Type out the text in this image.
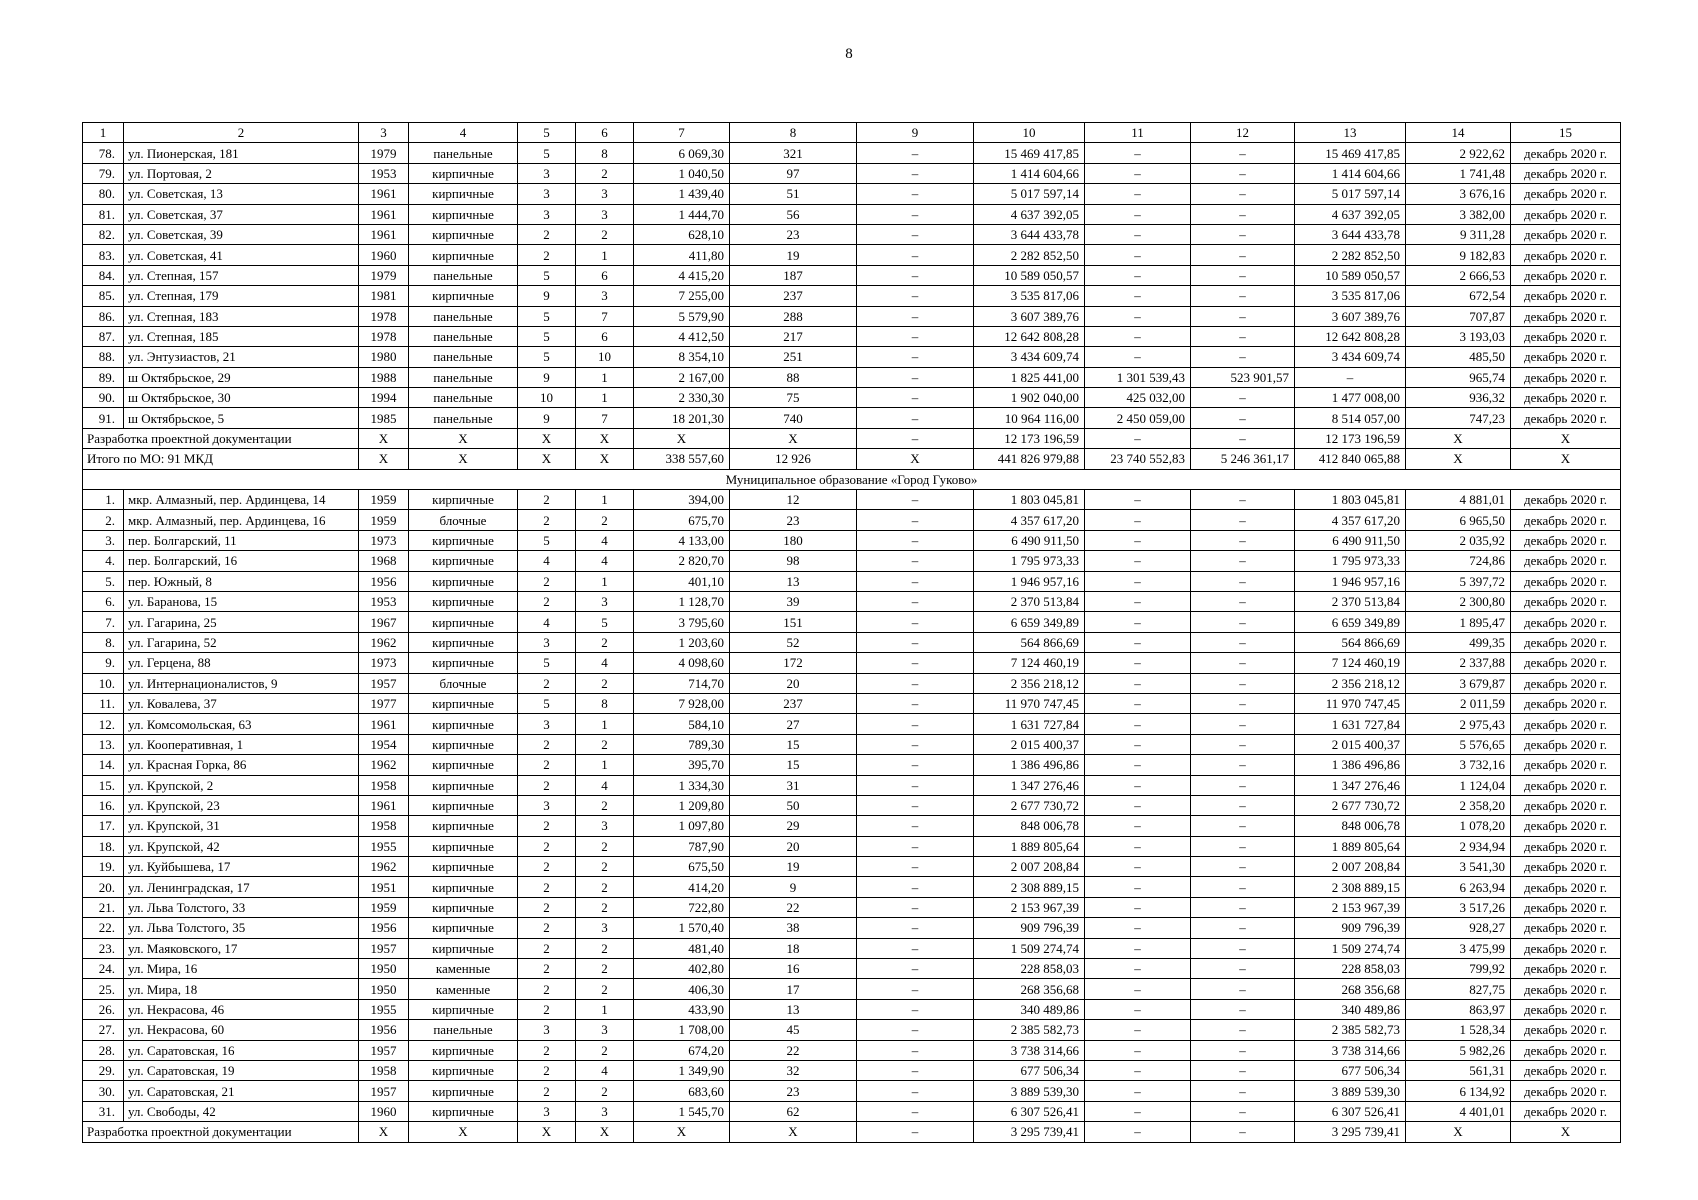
8
1	2	3	4	5	6	7	8	9	10	11	12	13	14	15
78.	ул. Пионерская, 181	1979	панельные	5	8	6 069,30	321	–	15 469 417,85	–	–	15 469 417,85	2 922,62	декабрь 2020 г.
79.	ул. Портовая, 2	1953	кирпичные	3	2	1 040,50	97	–	1 414 604,66	–	–	1 414 604,66	1 741,48	декабрь 2020 г.
80.	ул. Советская, 13	1961	кирпичные	3	3	1 439,40	51	–	5 017 597,14	–	–	5 017 597,14	3 676,16	декабрь 2020 г.
81.	ул. Советская, 37	1961	кирпичные	3	3	1 444,70	56	–	4 637 392,05	–	–	4 637 392,05	3 382,00	декабрь 2020 г.
82.	ул. Советская, 39	1961	кирпичные	2	2	628,10	23	–	3 644 433,78	–	–	3 644 433,78	9 311,28	декабрь 2020 г.
83.	ул. Советская, 41	1960	кирпичные	2	1	411,80	19	–	2 282 852,50	–	–	2 282 852,50	9 182,83	декабрь 2020 г.
84.	ул. Степная, 157	1979	панельные	5	6	4 415,20	187	–	10 589 050,57	–	–	10 589 050,57	2 666,53	декабрь 2020 г.
85.	ул. Степная, 179	1981	кирпичные	9	3	7 255,00	237	–	3 535 817,06	–	–	3 535 817,06	672,54	декабрь 2020 г.
86.	ул. Степная, 183	1978	панельные	5	7	5 579,90	288	–	3 607 389,76	–	–	3 607 389,76	707,87	декабрь 2020 г.
87.	ул. Степная, 185	1978	панельные	5	6	4 412,50	217	–	12 642 808,28	–	–	12 642 808,28	3 193,03	декабрь 2020 г.
88.	ул. Энтузиастов, 21	1980	панельные	5	10	8 354,10	251	–	3 434 609,74	–	–	3 434 609,74	485,50	декабрь 2020 г.
89.	ш Октябрьское, 29	1988	панельные	9	1	2 167,00	88	–	1 825 441,00	1 301 539,43	523 901,57	–	965,74	декабрь 2020 г.
90.	ш Октябрьское, 30	1994	панельные	10	1	2 330,30	75	–	1 902 040,00	425 032,00	–	1 477 008,00	936,32	декабрь 2020 г.
91.	ш Октябрьское, 5	1985	панельные	9	7	18 201,30	740	–	10 964 116,00	2 450 059,00	–	8 514 057,00	747,23	декабрь 2020 г.
Разработка проектной документации		X	X	X	X	X	X	–	12 173 196,59	–	–	12 173 196,59	X	X
Итого по МО: 91 МКД		X	X	X	X	338 557,60	12 926	X	441 826 979,88	23 740 552,83	5 246 361,17	412 840 065,88	X	X
Муниципальное образование «Город Гуково»														
1.	мкр. Алмазный, пер. Ардинцева, 14	1959	кирпичные	2	1	394,00	12	–	1 803 045,81	–	–	1 803 045,81	4 881,01	декабрь 2020 г.
2.	мкр. Алмазный, пер. Ардинцева, 16	1959	блочные	2	2	675,70	23	–	4 357 617,20	–	–	4 357 617,20	6 965,50	декабрь 2020 г.
3.	пер. Болгарский, 11	1973	кирпичные	5	4	4 133,00	180	–	6 490 911,50	–	–	6 490 911,50	2 035,92	декабрь 2020 г.
4.	пер. Болгарский, 16	1968	кирпичные	4	4	2 820,70	98	–	1 795 973,33	–	–	1 795 973,33	724,86	декабрь 2020 г.
5.	пер. Южный, 8	1956	кирпичные	2	1	401,10	13	–	1 946 957,16	–	–	1 946 957,16	5 397,72	декабрь 2020 г.
6.	ул. Баранова, 15	1953	кирпичные	2	3	1 128,70	39	–	2 370 513,84	–	–	2 370 513,84	2 300,80	декабрь 2020 г.
7.	ул. Гагарина, 25	1967	кирпичные	4	5	3 795,60	151	–	6 659 349,89	–	–	6 659 349,89	1 895,47	декабрь 2020 г.
8.	ул. Гагарина, 52	1962	кирпичные	3	2	1 203,60	52	–	564 866,69	–	–	564 866,69	499,35	декабрь 2020 г.
9.	ул. Герцена, 88	1973	кирпичные	5	4	4 098,60	172	–	7 124 460,19	–	–	7 124 460,19	2 337,88	декабрь 2020 г.
10.	ул. Интернационалистов, 9	1957	блочные	2	2	714,70	20	–	2 356 218,12	–	–	2 356 218,12	3 679,87	декабрь 2020 г.
11.	ул. Ковалева, 37	1977	кирпичные	5	8	7 928,00	237	–	11 970 747,45	–	–	11 970 747,45	2 011,59	декабрь 2020 г.
12.	ул. Комсомольская, 63	1961	кирпичные	3	1	584,10	27	–	1 631 727,84	–	–	1 631 727,84	2 975,43	декабрь 2020 г.
13.	ул. Кооперативная, 1	1954	кирпичные	2	2	789,30	15	–	2 015 400,37	–	–	2 015 400,37	5 576,65	декабрь 2020 г.
14.	ул. Красная Горка, 86	1962	кирпичные	2	1	395,70	15	–	1 386 496,86	–	–	1 386 496,86	3 732,16	декабрь 2020 г.
15.	ул. Крупской, 2	1958	кирпичные	2	4	1 334,30	31	–	1 347 276,46	–	–	1 347 276,46	1 124,04	декабрь 2020 г.
16.	ул. Крупской, 23	1961	кирпичные	3	2	1 209,80	50	–	2 677 730,72	–	–	2 677 730,72	2 358,20	декабрь 2020 г.
17.	ул. Крупской, 31	1958	кирпичные	2	3	1 097,80	29	–	848 006,78	–	–	848 006,78	1 078,20	декабрь 2020 г.
18.	ул. Крупской, 42	1955	кирпичные	2	2	787,90	20	–	1 889 805,64	–	–	1 889 805,64	2 934,94	декабрь 2020 г.
19.	ул. Куйбышева, 17	1962	кирпичные	2	2	675,50	19	–	2 007 208,84	–	–	2 007 208,84	3 541,30	декабрь 2020 г.
20.	ул. Ленинградская, 17	1951	кирпичные	2	2	414,20	9	–	2 308 889,15	–	–	2 308 889,15	6 263,94	декабрь 2020 г.
21.	ул. Льва Толстого, 33	1959	кирпичные	2	2	722,80	22	–	2 153 967,39	–	–	2 153 967,39	3 517,26	декабрь 2020 г.
22.	ул. Льва Толстого, 35	1956	кирпичные	2	3	1 570,40	38	–	909 796,39	–	–	909 796,39	928,27	декабрь 2020 г.
23.	ул. Маяковского, 17	1957	кирпичные	2	2	481,40	18	–	1 509 274,74	–	–	1 509 274,74	3 475,99	декабрь 2020 г.
24.	ул. Мира, 16	1950	каменные	2	2	402,80	16	–	228 858,03	–	–	228 858,03	799,92	декабрь 2020 г.
25.	ул. Мира, 18	1950	каменные	2	2	406,30	17	–	268 356,68	–	–	268 356,68	827,75	декабрь 2020 г.
26.	ул. Некрасова, 46	1955	кирпичные	2	1	433,90	13	–	340 489,86	–	–	340 489,86	863,97	декабрь 2020 г.
27.	ул. Некрасова, 60	1956	панельные	3	3	1 708,00	45	–	2 385 582,73	–	–	2 385 582,73	1 528,34	декабрь 2020 г.
28.	ул. Саратовская, 16	1957	кирпичные	2	2	674,20	22	–	3 738 314,66	–	–	3 738 314,66	5 982,26	декабрь 2020 г.
29.	ул. Саратовская, 19	1958	кирпичные	2	4	1 349,90	32	–	677 506,34	–	–	677 506,34	561,31	декабрь 2020 г.
30.	ул. Саратовская, 21	1957	кирпичные	2	2	683,60	23	–	3 889 539,30	–	–	3 889 539,30	6 134,92	декабрь 2020 г.
31.	ул. Свободы, 42	1960	кирпичные	3	3	1 545,70	62	–	6 307 526,41	–	–	6 307 526,41	4 401,01	декабрь 2020 г.
Разработка проектной документации		X	X	X	X	X	X	–	3 295 739,41	–	–	3 295 739,41	X	X
